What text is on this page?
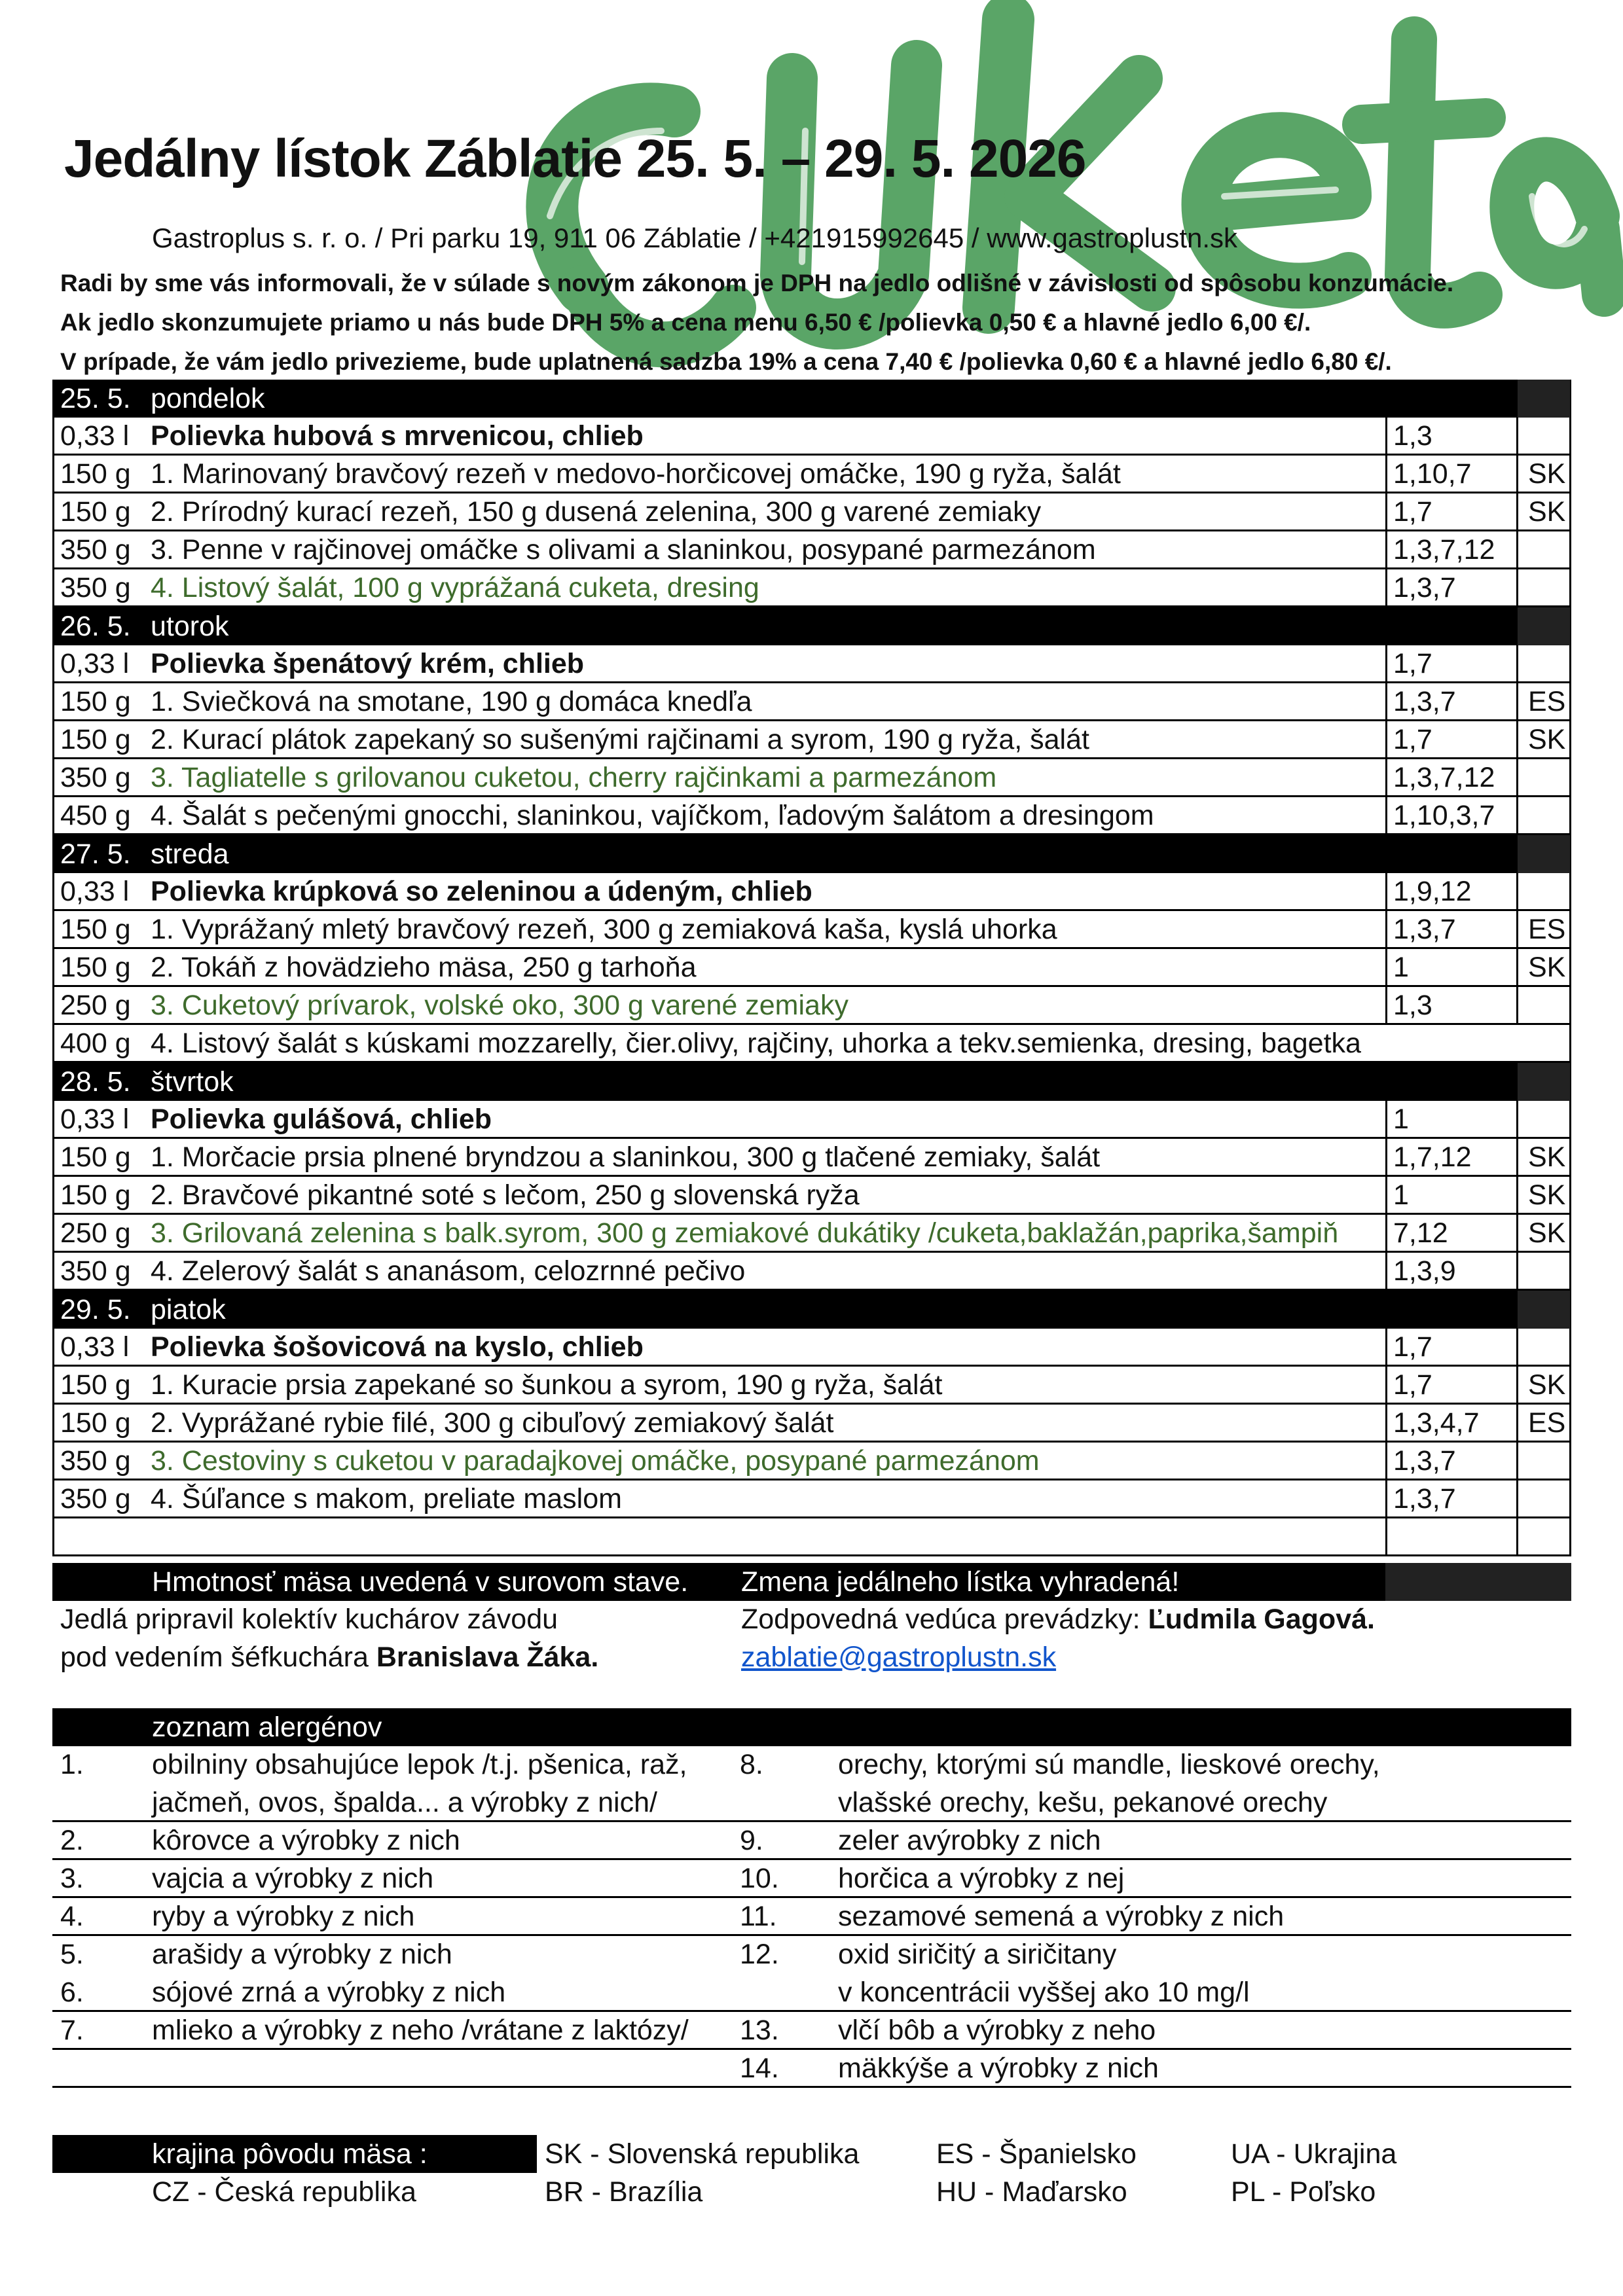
Jedálny lístok Záblatie 25. 5. – 29. 5. 2026
Gastroplus s. r. o. / Pri parku 19, 911 06 Záblatie / +421915992645 / www.gastroplustn.sk
Radi by sme vás informovali, že v súlade s novým zákonom je DPH na jedlo odlišné v závislosti od spôsobu konzumácie.
Ak jedlo skonzumujete priamo u nás bude DPH 5% a cena menu 6,50 € /polievka 0,50 € a hlavné jedlo 6,00 €/.
V prípade, že vám jedlo privezieme, bude uplatnená sadzba 19% a cena 7,40 € /polievka 0,60 € a hlavné jedlo 6,80 €/.
25. 5. pondelok
0,33 l Polievka hubová s mrvenicou, chlieb	1,3
150 g 1. Marinovaný bravčový rezeň v medovo-horčicovej omáčke, 190 g ryža, šalát	1,10,7 SK
150 g 2. Prírodný kurací rezeň, 150 g dusená zelenina, 300 g varené zemiaky	1,7	SK
350 g 3. Penne v rajčinovej omáčke s olivami a slaninkou, posypané parmezánom	1,3,7,12
350 g 4. Listový šalát, 100 g vyprážaná cuketa, dresing	1,3,7
26. 5. utorok
0,33 l Polievka špenátový krém, chlieb	1,7
150 g 1. Sviečková na smotane, 190 g domáca knedľa	1,3,7	ES
150 g 2. Kurací plátok zapekaný so sušenými rajčinami a syrom, 190 g ryža, šalát	1,7	SK
350 g 3. Tagliatelle s grilovanou cuketou, cherry rajčinkami a parmezánom	1,3,7,12
450 g 4. Šalát s pečenými gnocchi, slaninkou, vajíčkom, ľadovým šalátom a dresingom	1,10,3,7
27. 5. streda
0,33 l Polievka krúpková so zeleninou a údeným, chlieb	1,9,12
150 g 1. Vyprážaný mletý bravčový rezeň, 300 g zemiaková kaša, kyslá uhorka	1,3,7	ES
150 g 2. Tokáň z hovädzieho mäsa, 250 g tarhoňa	1	SK
250 g 3. Cuketový prívarok, volské oko, 300 g varené zemiaky	1,3
400 g 4. Listový šalát s kúskami mozzarelly, čier.olivy, rajčiny, uhorka a tekv.semienka, dresing, bagetka
28. 5. štvrtok
0,33 l Polievka gulášová, chlieb	1
150 g 1. Morčacie prsia plnené bryndzou a slaninkou, 300 g tlačené zemiaky, šalát	1,7,12 SK
150 g 2. Bravčové pikantné soté s lečom, 250 g slovenská ryža	1	SK
250 g 3. Grilovaná zelenina s balk.syrom, 300 g zemiakové dukátiky /cuketa,baklažán,paprika,šampiň 7,12	SK
350 g 4. Zelerový šalát s ananásom, celozrnné pečivo	1,3,9
29. 5. piatok
0,33 l Polievka šošovicová na kyslo, chlieb	1,7
150 g 1. Kuracie prsia zapekané so šunkou a syrom, 190 g ryža, šalát	1,7	SK
150 g 2. Vyprážané rybie filé, 300 g cibuľový zemiakový šalát	1,3,4,7 ES
350 g 3. Cestoviny s cuketou v paradajkovej omáčke, posypané parmezánom	1,3,7
350 g 4. Šúľance s makom, preliate maslom	1,3,7
Hmotnosť mäsa uvedená v surovom stave. Zmena jedálneho lístka vyhradená!
Jedlá pripravil kolektív kuchárov závodu
pod vedením šéfkuchára Branislava Žáka.
Zodpovedná vedúca prevádzky: Ľudmila Gagová.
zablatie@gastroplustn.sk
zoznam alergénov
1. obilniny obsahujúce lepok /t.j. pšenica, raž, 8.	orechy, ktorými sú mandle, lieskové orechy,
jačmeň, ovos, špalda... a výrobky z nich/	vlašské orechy, kešu, pekanové orechy
2. kôrovce a výrobky z nich	9.	zeler avýrobky z nich
3. vajcia a výrobky z nich	10. horčica a výrobky z nej
4. ryby a výrobky z nich	11. sezamové semená a výrobky z nich
5. arašidy a výrobky z nich	12. oxid siričitý a siričitany
6. sójové zrná a výrobky z nich	v koncentrácii vyššej ako 10 mg/l
7. mlieko a výrobky z neho /vrátane z laktózy/ 13. vlčí bôb a výrobky z neho
14. mäkkýše a výrobky z nich
krajina pôvodu mäsa :	SK - Slovenská republika	ES - Španielsko	UA - Ukrajina
CZ - Česká republika	BR - Brazília	HU - Maďarsko	PL - Poľsko
